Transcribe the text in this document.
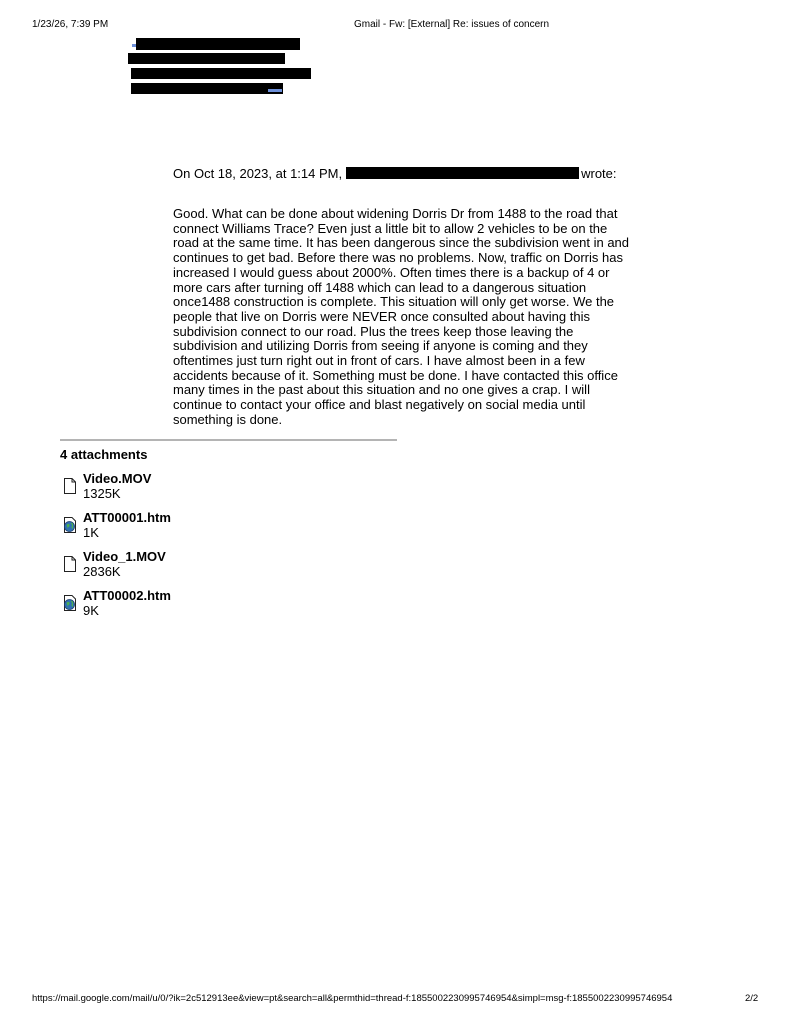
1/23/26, 7:39 PM	Gmail - Fw: [External] Re: issues of concern
On Oct 18, 2023, at 1:14 PM,	wrote:
Good. What can be done about widening Dorris Dr from 1488 to the road that
connect Williams Trace? Even just a little bit to allow 2 vehicles to be on the
road at the same time. It has been dangerous since the subdivision went in and
continues to get bad. Before there was no problems. Now, traffic on Dorris has
increased I would guess about 2000%. Often times there is a backup of 4 or
more cars after turning off 1488 which can lead to a dangerous situation
once1488 construction is complete. This situation will only get worse. We the
people that live on Dorris were NEVER once consulted about having this
subdivision connect to our road. Plus the trees keep those leaving the
subdivision and utilizing Dorris from seeing if anyone is coming and they
oftentimes just turn right out in front of cars. I have almost been in a few
accidents because of it. Something must be done. I have contacted this office
many times in the past about this situation and no one gives a crap. I will
continue to contact your office and blast negatively on social media until
something is done.
4 attachments
Video.MOV
1325K
ATT00001.htm
1K
Video_1.MOV
2836K
ATT00002.htm
9K
https://mail.google.com/mail/u/0/?ik=2c512913ee&view=pt&search=all&permthid=thread-f:1855002230995746954&simpl=msg-f:1855002230995746954	2/2
